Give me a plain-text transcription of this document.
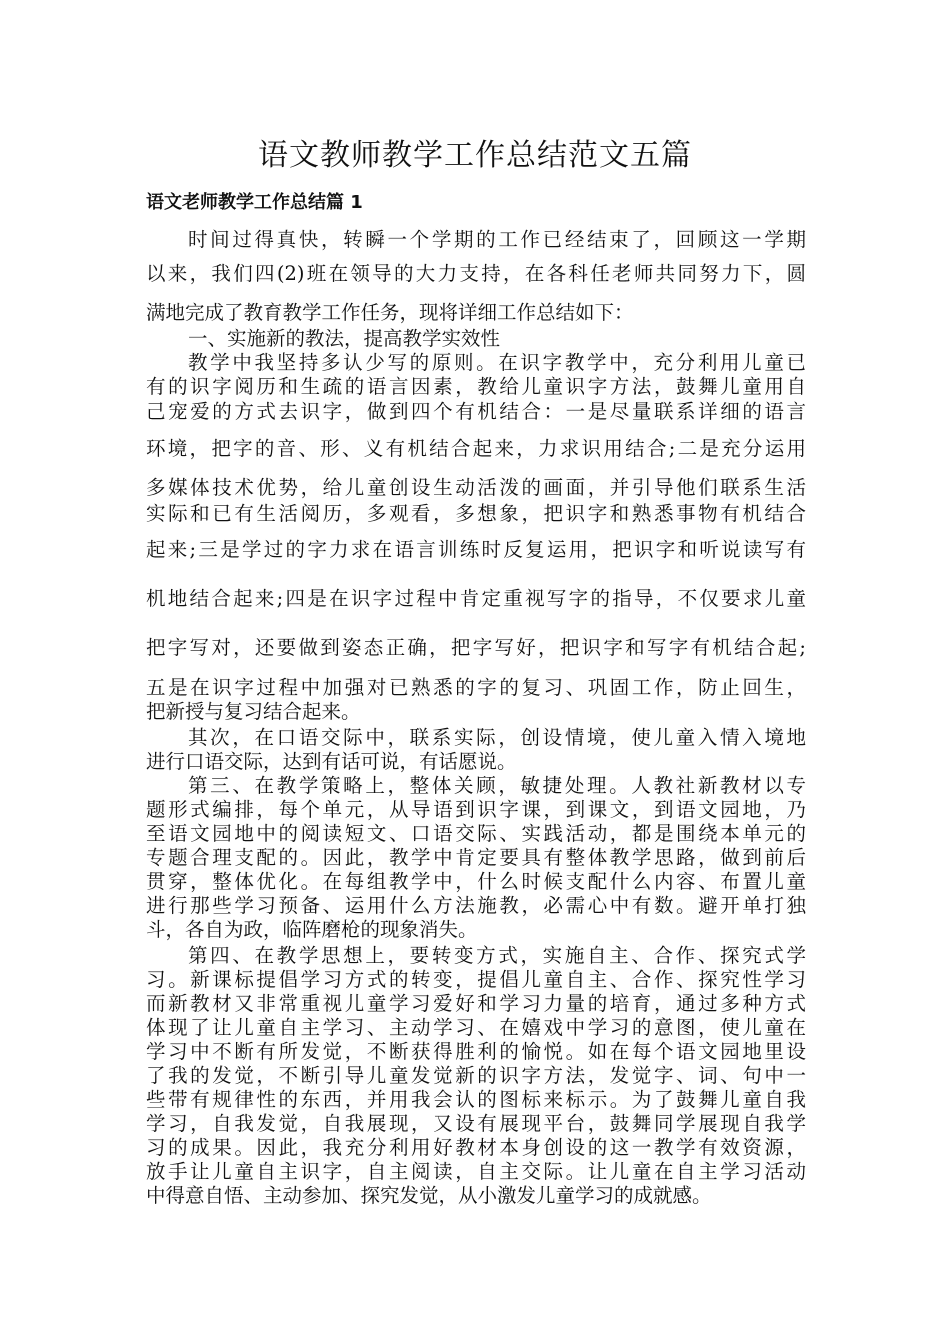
语文教师教学工作总结范文五篇
语文老师教学工作总结篇 1
时间过得真快，转瞬一个学期的工作已经结束了，回顾这一学期
以来，我们四(2)班在领导的大力支持，在各科任老师共同努力下，圆
满地完成了教育教学工作任务，现将详细工作总结如下：
一、实施新的教法，提高教学实效性
教学中我坚持多认少写的原则。在识字教学中，充分利用儿童已
有的识字阅历和生疏的语言因素，教给儿童识字方法，鼓舞儿童用自
己宠爱的方式去识字，做到四个有机结合：一是尽量联系详细的语言
环境，把字的音、形、义有机结合起来，力求识用结合;二是充分运用
多媒体技术优势，给儿童创设生动活泼的画面，并引导他们联系生活
实际和已有生活阅历，多观看，多想象，把识字和熟悉事物有机结合
起来;三是学过的字力求在语言训练时反复运用，把识字和听说读写有
机地结合起来;四是在识字过程中肯定重视写字的指导，不仅要求儿童
把字写对，还要做到姿态正确，把字写好，把识字和写字有机结合起;
五是在识字过程中加强对已熟悉的字的复习、巩固工作，防止回生，
把新授与复习结合起来。
其次，在口语交际中，联系实际，创设情境，使儿童入情入境地
进行口语交际，达到有话可说，有话愿说。
第三、在教学策略上，整体关顾，敏捷处理。人教社新教材以专
题形式编排，每个单元，从导语到识字课，到课文，到语文园地，乃
至语文园地中的阅读短文、口语交际、实践活动，都是围绕本单元的
专题合理支配的。因此，教学中肯定要具有整体教学思路，做到前后
贯穿，整体优化。在每组教学中，什么时候支配什么内容、布置儿童
进行那些学习预备、运用什么方法施教，必需心中有数。避开单打独
斗，各自为政，临阵磨枪的现象消失。
第四、在教学思想上，要转变方式，实施自主、合作、探究式学
习。新课标提倡学习方式的转变，提倡儿童自主、合作、探究性学习
而新教材又非常重视儿童学习爱好和学习力量的培育，通过多种方式
体现了让儿童自主学习、主动学习、在嬉戏中学习的意图，使儿童在
学习中不断有所发觉，不断获得胜利的愉悦。如在每个语文园地里设
了我的发觉，不断引导儿童发觉新的识字方法，发觉字、词、句中一
些带有规律性的东西，并用我会认的图标来标示。为了鼓舞儿童自我
学习，自我发觉，自我展现，又设有展现平台，鼓舞同学展现自我学
习的成果。因此，我充分利用好教材本身创设的这一教学有效资源，
放手让儿童自主识字，自主阅读，自主交际。让儿童在自主学习活动
中得意自悟、主动参加、探究发觉，从小激发儿童学习的成就感。
